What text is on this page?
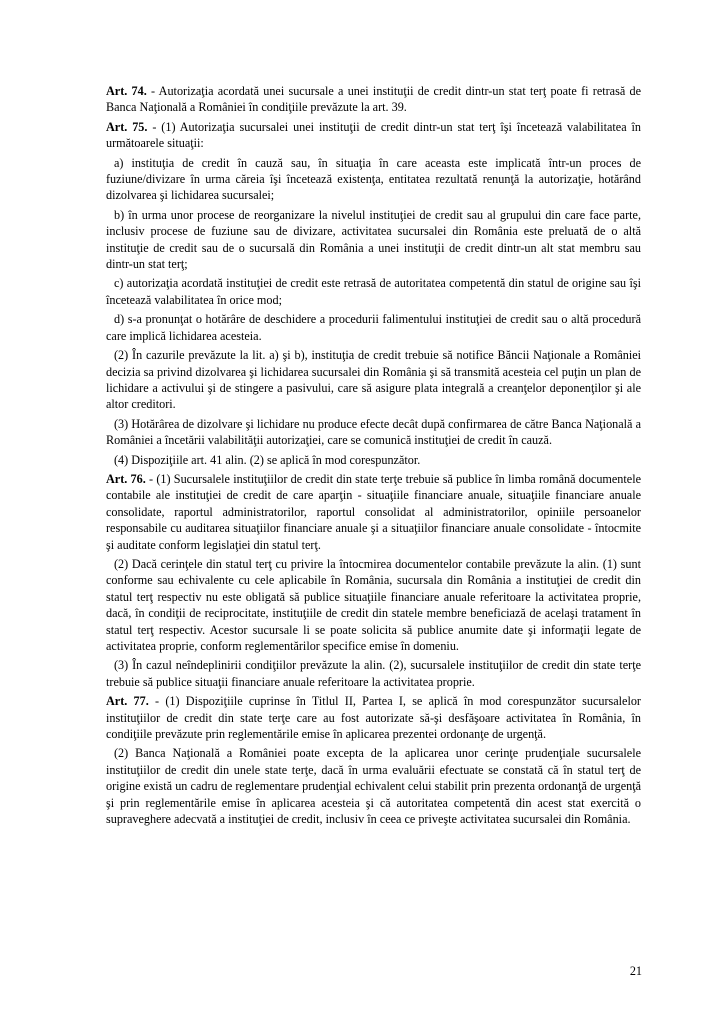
Art. 74. - Autorizaţia acordată unei sucursale a unei instituţii de credit dintr-un stat terţ poate fi retrasă de Banca Naţională a României în condiţiile prevăzute la art. 39.

Art. 75. - (1) Autorizaţia sucursalei unei instituţii de credit dintr-un stat terţ îşi încetează valabilitatea în următoarele situaţii:

a) instituţia de credit în cauză sau, în situaţia în care aceasta este implicată într-un proces de fuziune/divizare în urma căreia îşi încetează existenţa, entitatea rezultată renunţă la autorizaţie, hotărând dizolvarea şi lichidarea sucursalei;

b) în urma unor procese de reorganizare la nivelul instituţiei de credit sau al grupului din care face parte, inclusiv procese de fuziune sau de divizare, activitatea sucursalei din România este preluată de o altă instituţie de credit sau de o sucursală din România a unei instituţii de credit dintr-un alt stat membru sau dintr-un stat terţ;

c) autorizaţia acordată instituţiei de credit este retrasă de autoritatea competentă din statul de origine sau îşi încetează valabilitatea în orice mod;

d) s-a pronunţat o hotărâre de deschidere a procedurii falimentului instituţiei de credit sau o altă procedură care implică lichidarea acesteia.

(2) În cazurile prevăzute la lit. a) şi b), instituţia de credit trebuie să notifice Băncii Naţionale a României decizia sa privind dizolvarea şi lichidarea sucursalei din România şi să transmită acesteia cel puţin un plan de lichidare a activului şi de stingere a pasivului, care să asigure plata integrală a creanţelor deponenţilor şi ale altor creditori.

(3) Hotărârea de dizolvare şi lichidare nu produce efecte decât după confirmarea de către Banca Naţională a României a încetării valabilităţii autorizaţiei, care se comunică instituţiei de credit în cauză.

(4) Dispoziţiile art. 41 alin. (2) se aplică în mod corespunzător.

Art. 76. - (1) Sucursalele instituţiilor de credit din state terţe trebuie să publice în limba română documentele contabile ale instituţiei de credit de care aparţin - situaţiile financiare anuale, situaţiile financiare anuale consolidate, raportul administratorilor, raportul consolidat al administratorilor, opiniile persoanelor responsabile cu auditarea situaţiilor financiare anuale şi a situaţiilor financiare anuale consolidate - întocmite şi auditate conform legislaţiei din statul terţ.

(2) Dacă cerinţele din statul terţ cu privire la întocmirea documentelor contabile prevăzute la alin. (1) sunt conforme sau echivalente cu cele aplicabile în România, sucursala din România a instituţiei de credit din statul terţ respectiv nu este obligată să publice situaţiile financiare anuale referitoare la activitatea proprie, dacă, în condiţii de reciprocitate, instituţiile de credit din statele membre beneficiază de acelaşi tratament în statul terţ respectiv. Acestor sucursale li se poate solicita să publice anumite date şi informaţii legate de activitatea proprie, conform reglementărilor specifice emise în domeniu.

(3) În cazul neîndeplinirii condiţiilor prevăzute la alin. (2), sucursalele instituţiilor de credit din state terţe trebuie să publice situaţii financiare anuale referitoare la activitatea proprie.

Art. 77. - (1) Dispoziţiile cuprinse în Titlul II, Partea I, se aplică în mod corespunzător sucursalelor instituţiilor de credit din state terţe care au fost autorizate să-şi desfăşoare activitatea în România, în condiţiile prevăzute prin reglementările emise în aplicarea prezentei ordonanţe de urgenţă.

(2) Banca Naţională a României poate excepta de la aplicarea unor cerinţe prudenţiale sucursalele instituţiilor de credit din unele state terţe, dacă în urma evaluării efectuate se constată că în statul terţ de origine există un cadru de reglementare prudenţial echivalent celui stabilit prin prezenta ordonanţă de urgenţă şi prin reglementările emise în aplicarea acesteia şi că autoritatea competentă din acest stat exercită o supraveghere adecvată a instituţiei de credit, inclusiv în ceea ce priveşte activitatea sucursalei din România.

21
